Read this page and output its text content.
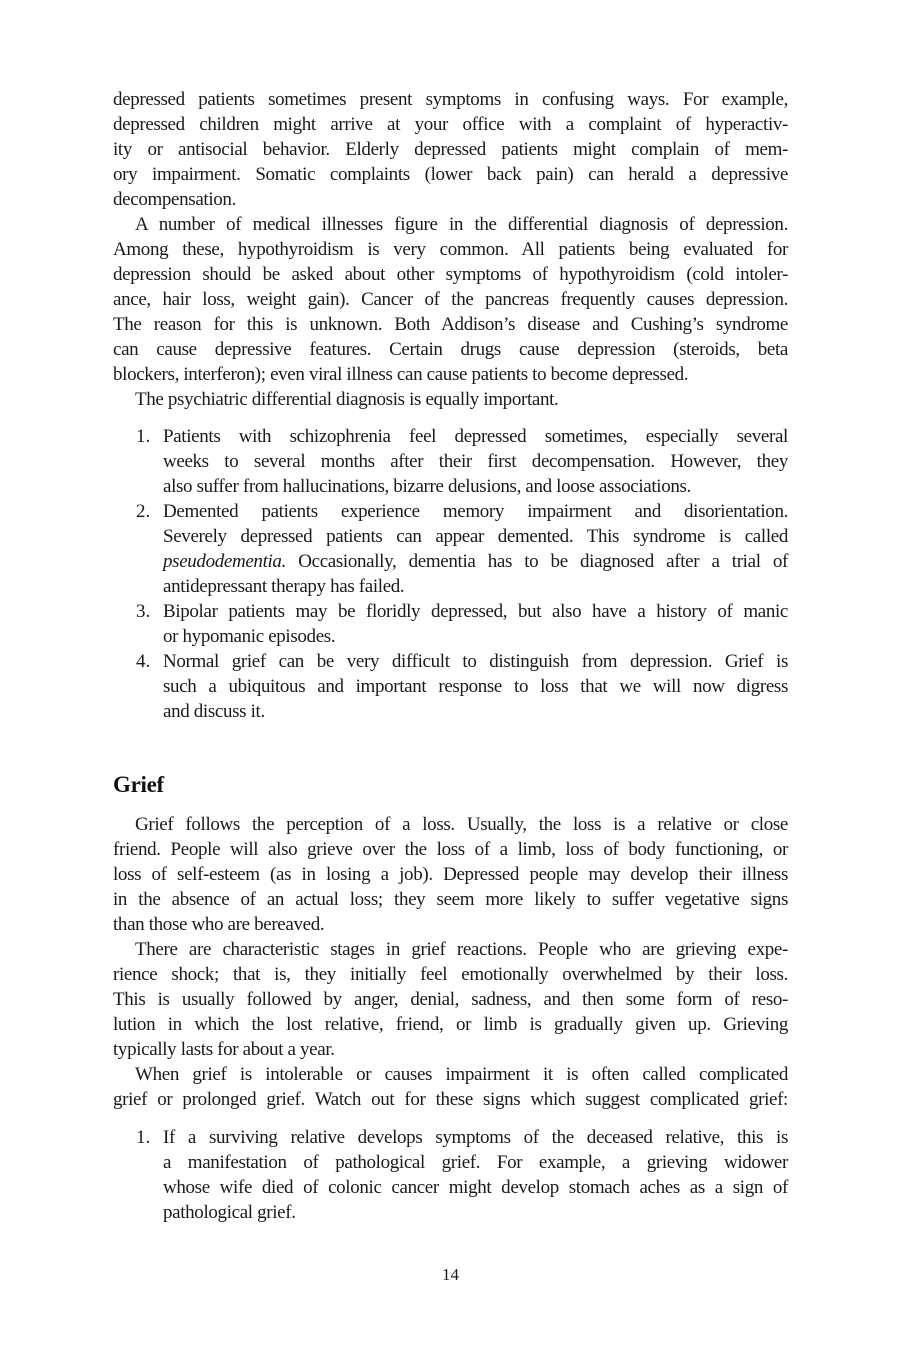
depressed patients sometimes present symptoms in confusing ways. For example,
depressed children might arrive at your office with a complaint of hyperactiv-
ity or antisocial behavior. Elderly depressed patients might complain of mem-
ory impairment. Somatic complaints (lower back pain) can herald a depressive
decompensation.
A number of medical illnesses figure in the differential diagnosis of depression.
Among these, hypothyroidism is very common. All patients being evaluated for
depression should be asked about other symptoms of hypothyroidism (cold intoler-
ance, hair loss, weight gain). Cancer of the pancreas frequently causes depression.
The reason for this is unknown. Both Addison’s disease and Cushing’s syndrome
can cause depressive features. Certain drugs cause depression (steroids, beta
blockers, interferon); even viral illness can cause patients to become depressed.
The psychiatric differential diagnosis is equally important.
1. Patients with schizophrenia feel depressed sometimes, especially several
weeks to several months after their first decompensation. However, they
also suffer from hallucinations, bizarre delusions, and loose associations.
2. Demented patients experience memory impairment and disorientation.
Severely depressed patients can appear demented. This syndrome is called
pseudodementia. Occasionally, dementia has to be diagnosed after a trial of
antidepressant therapy has failed.
3. Bipolar patients may be floridly depressed, but also have a history of manic
or hypomanic episodes.
4. Normal grief can be very difficult to distinguish from depression. Grief is
such a ubiquitous and important response to loss that we will now digress
and discuss it.
Grief
Grief follows the perception of a loss. Usually, the loss is a relative or close
friend. People will also grieve over the loss of a limb, loss of body functioning, or
loss of self-esteem (as in losing a job). Depressed people may develop their illness
in the absence of an actual loss; they seem more likely to suffer vegetative signs
than those who are bereaved.
There are characteristic stages in grief reactions. People who are grieving expe-
rience shock; that is, they initially feel emotionally overwhelmed by their loss.
This is usually followed by anger, denial, sadness, and then some form of reso-
lution in which the lost relative, friend, or limb is gradually given up. Grieving
typically lasts for about a year.
When grief is intolerable or causes impairment it is often called complicated
grief or prolonged grief. Watch out for these signs which suggest complicated grief:
1. If a surviving relative develops symptoms of the deceased relative, this is
a manifestation of pathological grief. For example, a grieving widower
whose wife died of colonic cancer might develop stomach aches as a sign of
pathological grief.
14
